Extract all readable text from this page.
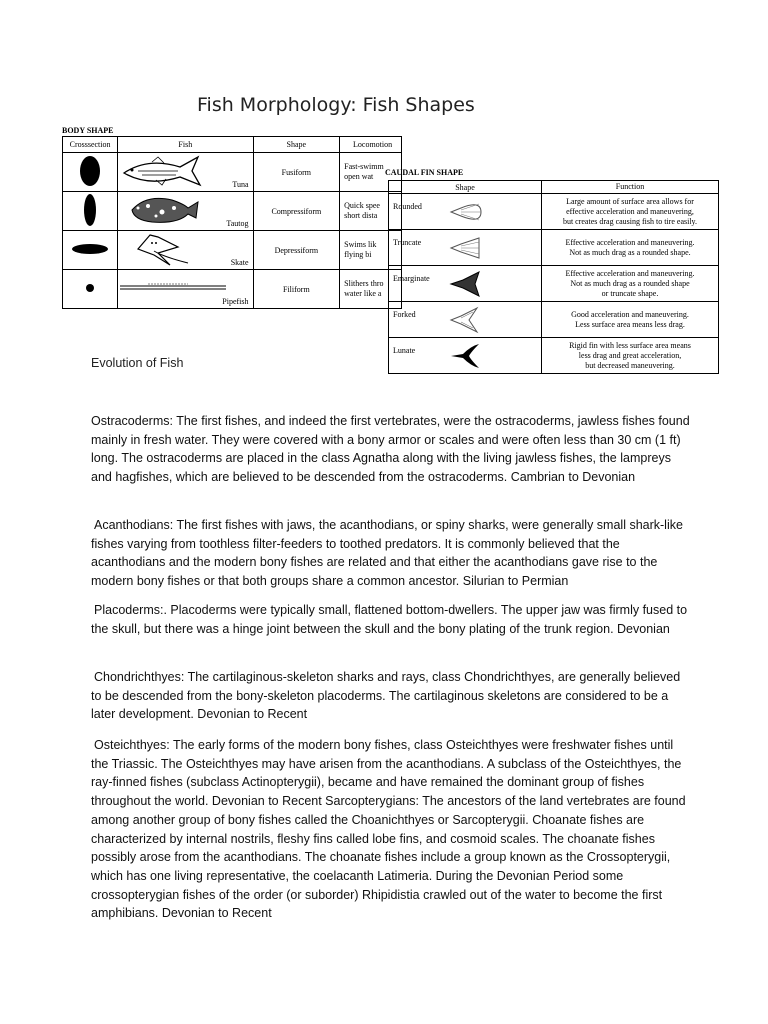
Fish Morphology: Fish Shapes
BODY SHAPE
Crosssection	Fish	Shape	Locomotion

Tuna	Fusiform	Fast-swimm
open wat

Tautog	Compressiform	Quick spee
short dista

Skate	Depressiform	Swims lik
flying bi

Pipefish	Filiform	Slithers thro
water like a
CAUDAL FIN SHAPE
Shape	Function

Rounded	Large amount of surface area allows for
effective acceleration and maneuvering,
but creates drag causing fish to tire easily.

Truncate	Effective acceleration and maneuvering.
Not as much drag as a rounded shape.

Emarginate	Effective acceleration and maneuvering.
Not as much drag as a rounded shape
or truncate shape.

Forked	Good acceleration and maneuvering.
Less surface area means less drag.

Lunate	Rigid fin with less surface area means
less drag and great acceleration,
but decreased maneuvering.
Evolution of Fish
Ostracoderms: The first fishes, and indeed the first vertebrates, were the ostracoderms, jawless fishes found mainly in fresh water. They were covered with a bony armor or scales and were often less than 30 cm (1 ft) long. The ostracoderms are placed in the class Agnatha along with the living jawless fishes, the lampreys and hagfishes, which are believed to be descended from the ostracoderms. Cambrian to Devonian
Acanthodians: The first fishes with jaws, the acanthodians, or spiny sharks, were generally small shark-like fishes varying from toothless filter-feeders to toothed predators. It is commonly believed that the acanthodians and the modern bony fishes are related and that either the acanthodians gave rise to the modern bony fishes or that both groups share a common ancestor. Silurian to Permian
Placoderms:. Placoderms were typically small, flattened bottom-dwellers. The upper jaw was firmly fused to the skull, but there was a hinge joint between the skull and the bony plating of the trunk region. Devonian
Chondrichthyes: The cartilaginous-skeleton sharks and rays, class Chondrichthyes, are generally believed to be descended from the bony-skeleton placoderms. The cartilaginous skeletons are considered to be a later development. Devonian to Recent
Osteichthyes: The early forms of the modern bony fishes, class Osteichthyes were freshwater fishes until the Triassic. The Osteichthyes may have arisen from the acanthodians. A subclass of the Osteichthyes, the ray-finned fishes (subclass Actinopterygii), became and have remained the dominant group of fishes throughout the world. Devonian to Recent Sarcopterygians: The ancestors of the land vertebrates are found among another group of bony fishes called the Choanichthyes or Sarcopterygii. Choanate fishes are characterized by internal nostrils, fleshy fins called lobe fins, and cosmoid scales. The choanate fishes possibly arose from the acanthodians. The choanate fishes include a group known as the Crossopterygii, which has one living representative, the coelacanth Latimeria. During the Devonian Period some crossopterygian fishes of the order (or suborder) Rhipidistia crawled out of the water to become the first amphibians. Devonian to Recent
